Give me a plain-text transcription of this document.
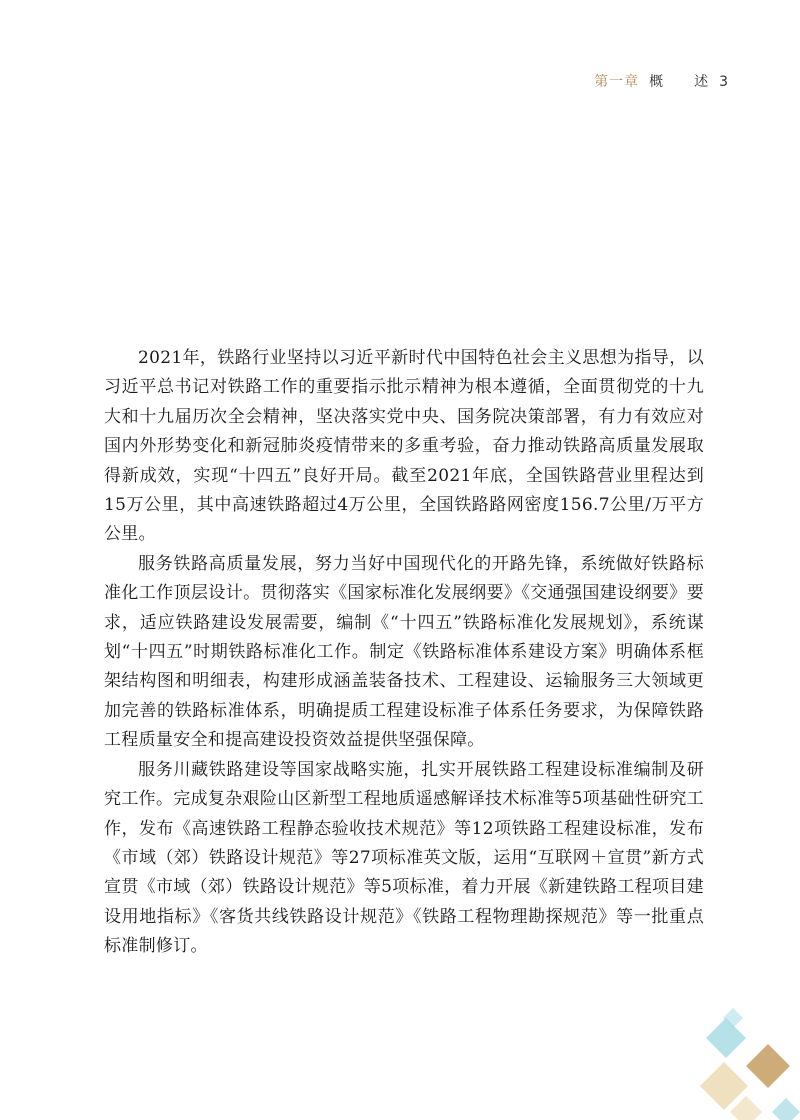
第一章 概　　述 3

2021年，铁路行业坚持以习近平新时代中国特色社会主义思想为指导，以习近平总书记对铁路工作的重要指示批示精神为根本遵循，全面贯彻党的十九大和十九届历次全会精神，坚决落实党中央、国务院决策部署，有力有效应对国内外形势变化和新冠肺炎疫情带来的多重考验，奋力推动铁路高质量发展取得新成效，实现“十四五”良好开局。截至2021年底，全国铁路营业里程达到15万公里，其中高速铁路超过4万公里，全国铁路路网密度156.7公里/万平方公里。

服务铁路高质量发展，努力当好中国现代化的开路先锋，系统做好铁路标准化工作顶层设计。贯彻落实《国家标准化发展纲要》《交通强国建设纲要》要求，适应铁路建设发展需要，编制《“十四五”铁路标准化发展规划》，系统谋划“十四五”时期铁路标准化工作。制定《铁路标准体系建设方案》明确体系框架结构图和明细表，构建形成涵盖装备技术、工程建设、运输服务三大领域更加完善的铁路标准体系，明确提质工程建设标准子体系任务要求，为保障铁路工程质量安全和提高建设投资效益提供坚强保障。

服务川藏铁路建设等国家战略实施，扎实开展铁路工程建设标准编制及研究工作。完成复杂艰险山区新型工程地质遥感解译技术标准等5项基础性研究工作，发布《高速铁路工程静态验收技术规范》等12项铁路工程建设标准，发布《市域（郊）铁路设计规范》等27项标准英文版，运用“互联网＋宣贯”新方式宣贯《市域（郊）铁路设计规范》等5项标准，着力开展《新建铁路工程项目建设用地指标》《客货共线铁路设计规范》《铁路工程物理勘探规范》等一批重点标准制修订。
